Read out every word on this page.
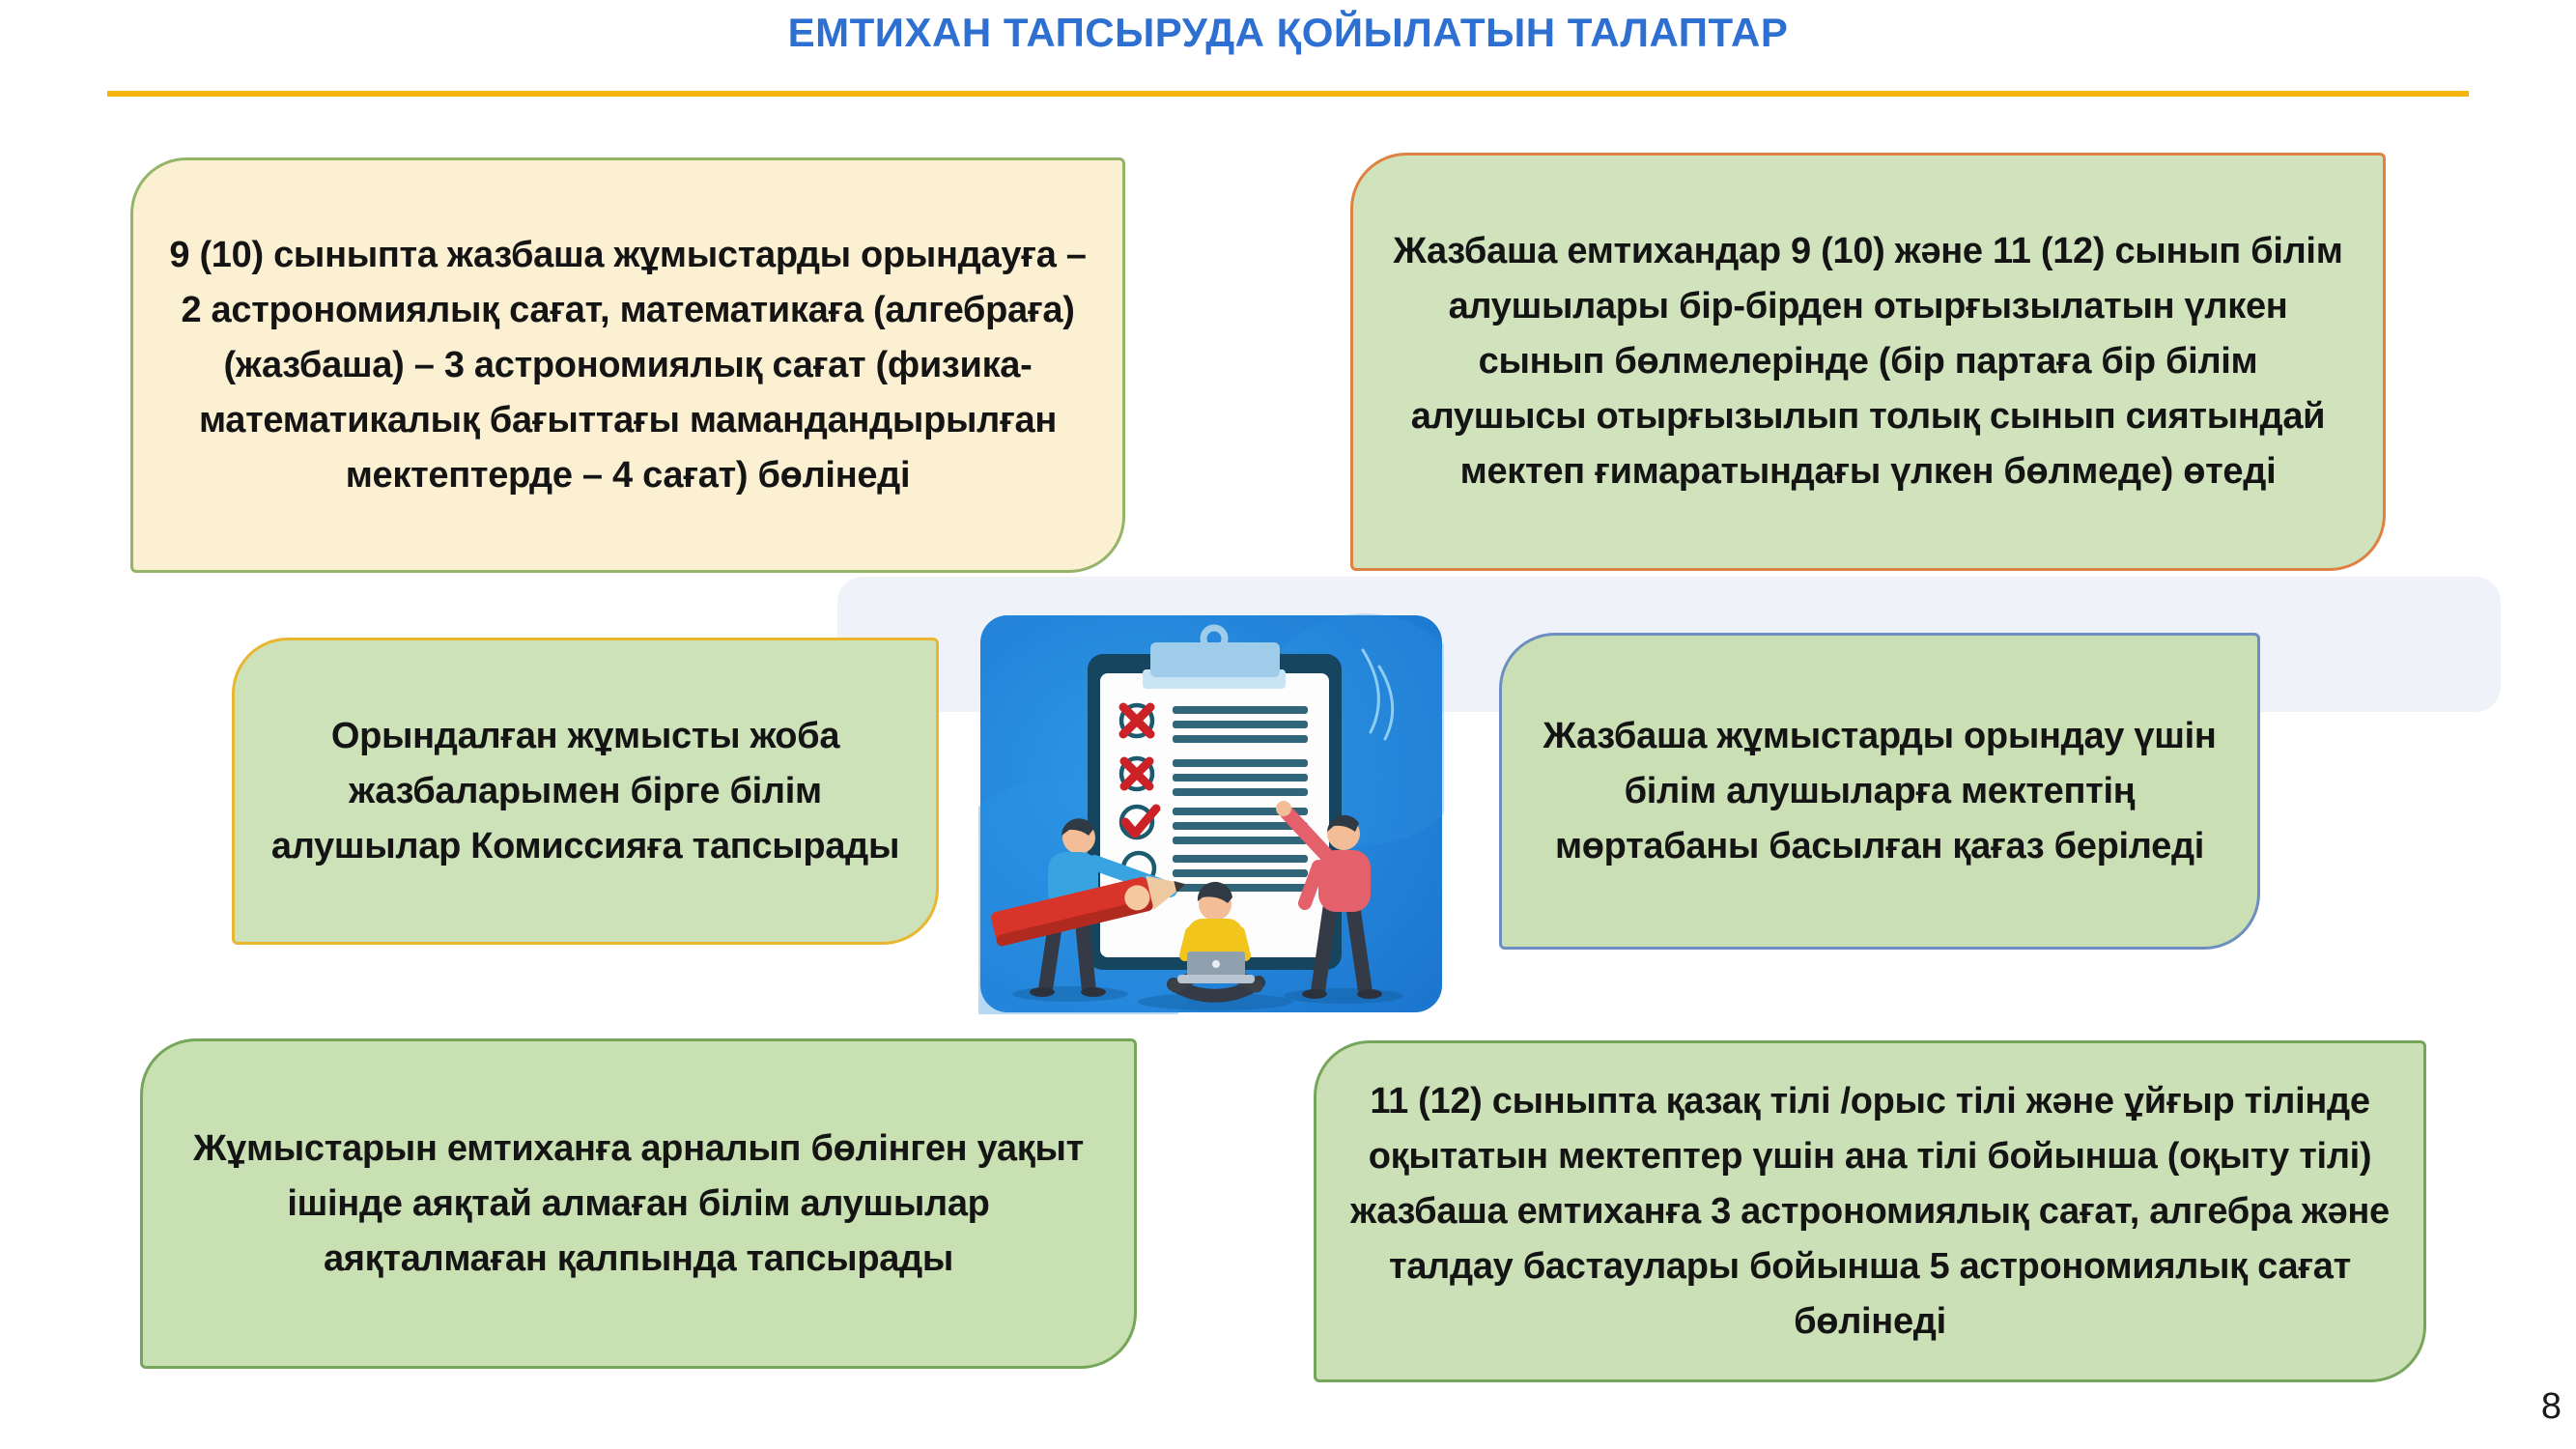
ЕМТИХАН ТАПСЫРУДА ҚОЙЫЛАТЫН ТАЛАПТАР
9 (10) сыныпта жазбаша жұмыстарды орындауға – 2 астрономиялық сағат, математикаға (алгебраға) (жазбаша) – 3 астрономиялық сағат (физика-математикалық бағыттағы мамандандырылған мектептерде – 4 сағат) бөлінеді
Жазбаша емтихандар 9 (10) және 11 (12) сынып білім алушылары бір-бірден отырғызылатын үлкен сынып бөлмелерінде (бір партаға бір білім алушысы отырғызылып толық сынып сиятындай мектеп ғимаратындағы үлкен бөлмеде) өтеді
Орындалған жұмысты жоба жазбаларымен бірге білім алушылар Комиссияға тапсырады
Жазбаша жұмыстарды орындау үшін білім алушыларға мектептің мөртабаны басылған қағаз беріледі
Жұмыстарын емтиханға арналып бөлінген уақыт ішінде аяқтай алмаған білім алушылар аяқталмаған қалпында тапсырады
11 (12) сыныпта қазақ тілі /орыс тілі және ұйғыр тілінде оқытатын мектептер үшін ана тілі бойынша (оқыту тілі) жазбаша емтиханға 3 астрономиялық сағат, алгебра және талдау бастаулары бойынша 5 астрономиялық сағат бөлінеді
8
